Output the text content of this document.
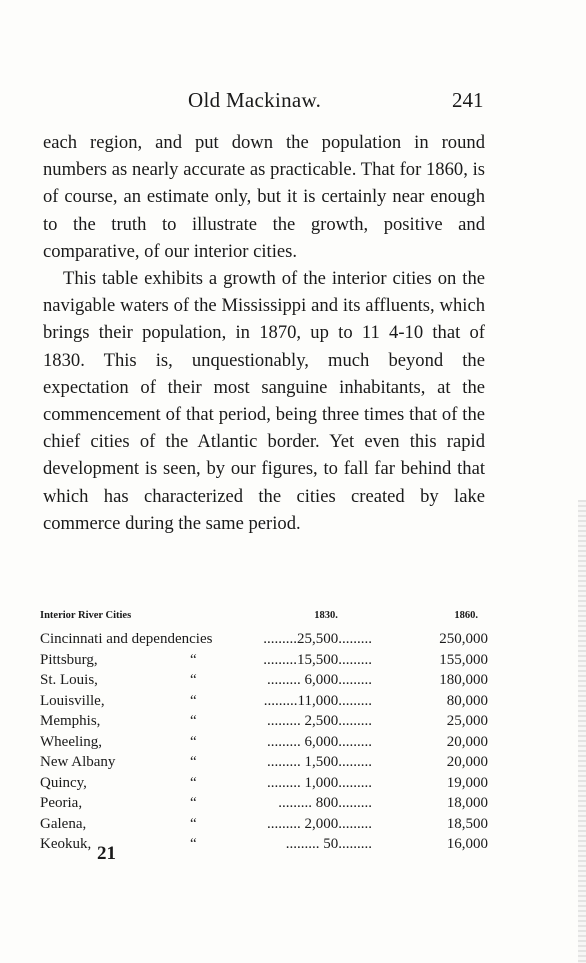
Old Mackinaw.	241

each region, and put down the population in round numbers as nearly accurate as practicable. That for 1860, is of course, an estimate only, but it is certainly near enough to the truth to illustrate the growth, positive and comparative, of our interior cities.

This table exhibits a growth of the interior cities on the navigable waters of the Mississippi and its affluents, which brings their population, in 1870, up to 11 4-10 that of 1830. This is, unquestionably, much beyond the expectation of their most sanguine inhabitants, at the commencement of that period, being three times that of the chief cities of the Atlantic border. Yet even this rapid development is seen, by our figures, to fall far behind that which has characterized the cities created by lake commerce during the same period.

Interior River Cities		1830.	1860.
Cincinnati and dependencies		.........25,500.........	250,000
Pittsburg,	“	.........15,500.........	155,000
St. Louis,	“	......... 6,000.........	180,000
Louisville,	“	.........11,000.........	80,000
Memphis,	“	......... 2,500.........	25,000
Wheeling,	“	......... 6,000.........	20,000
New Albany	“	......... 1,500.........	20,000
Quincy,	“	......... 1,000.........	19,000
Peoria,	“	......... 800.........	18,000
Galena,	“	......... 2,000.........	18,500
Keokuk,	“	......... 50.........	16,000
21
